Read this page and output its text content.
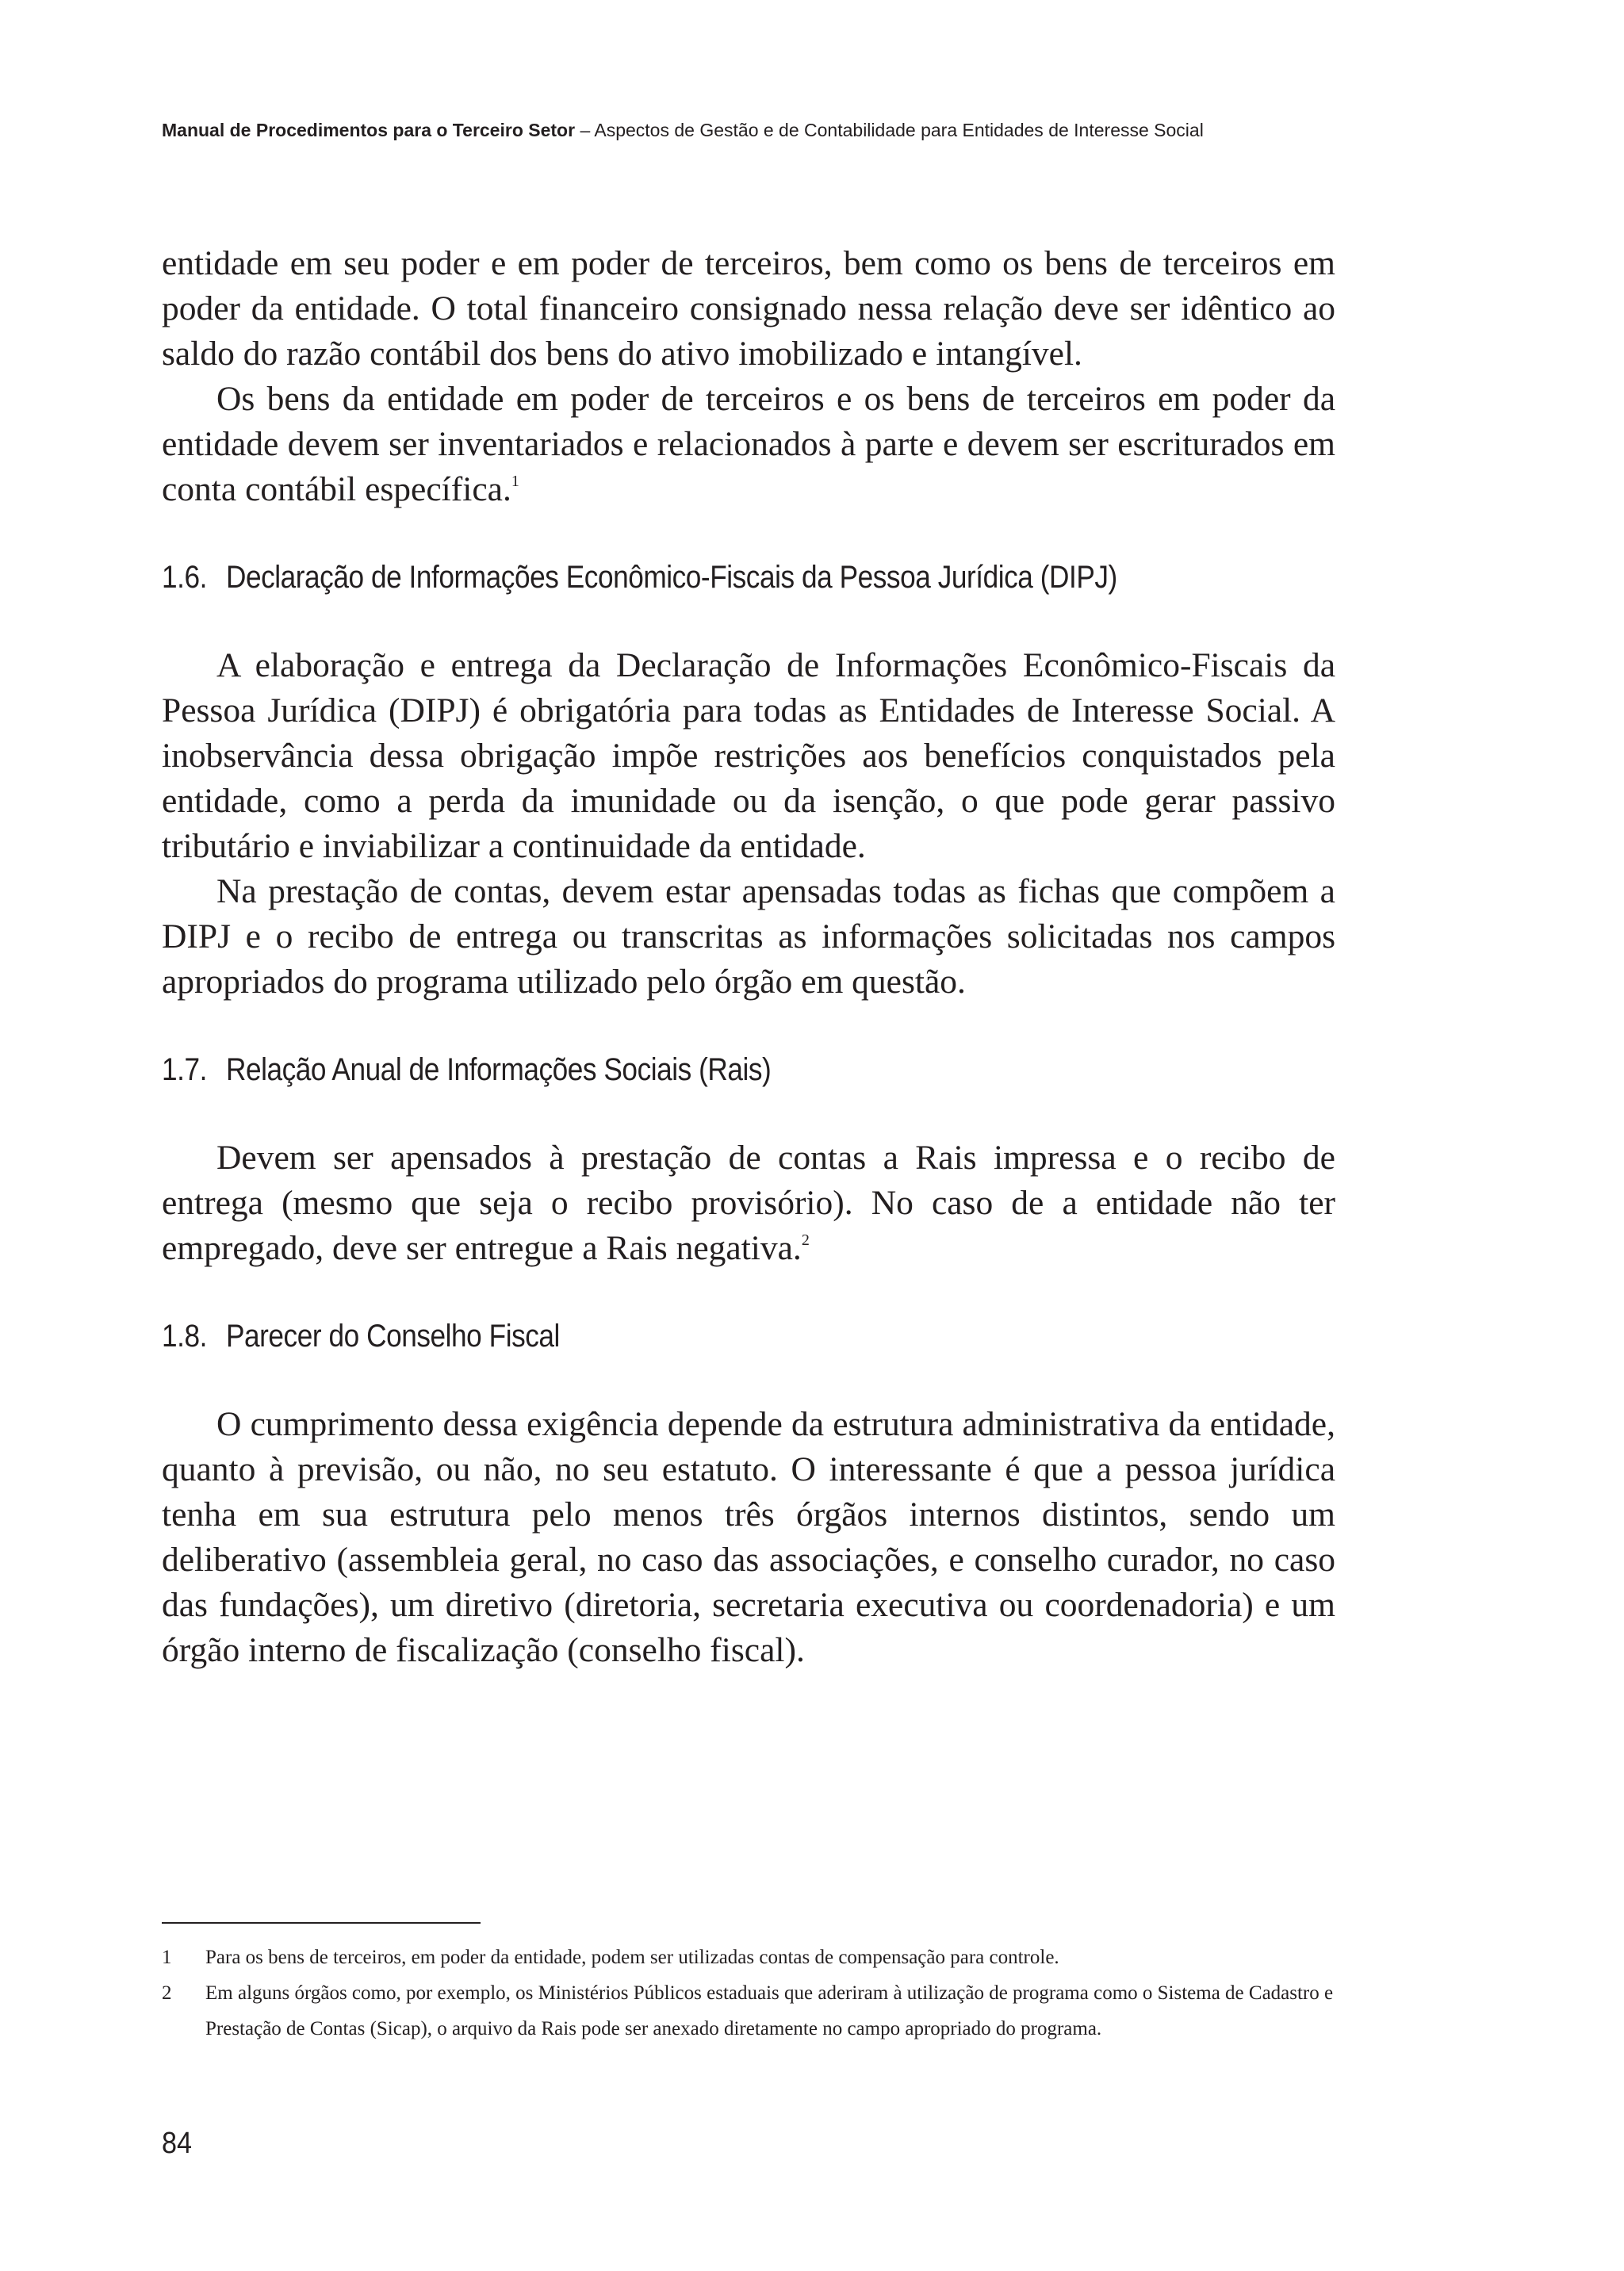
Manual de Procedimentos para o Terceiro Setor – Aspectos de Gestão e de Contabilidade para Entidades de Interesse Social

entidade em seu poder e em poder de terceiros, bem como os bens de terceiros em poder da entidade. O total financeiro consignado nessa relação deve ser idêntico ao saldo do razão contábil dos bens do ativo imobilizado e intangível.

Os bens da entidade em poder de terceiros e os bens de terceiros em poder da entidade devem ser inventariados e relacionados à parte e devem ser escriturados em conta contábil específica.$^1$

1.6. Declaração de Informações Econômico-Fiscais da Pessoa Jurídica (DIPJ)

A elaboração e entrega da Declaração de Informações Econômico-Fiscais da Pessoa Jurídica (DIPJ) é obrigatória para todas as Entidades de Interesse Social. A inobservância dessa obrigação impõe restrições aos benefícios conquistados pela entidade, como a perda da imunidade ou da isenção, o que pode gerar passivo tributário e inviabilizar a continuidade da entidade.

Na prestação de contas, devem estar apensadas todas as fichas que compõem a DIPJ e o recibo de entrega ou transcritas as informações solicitadas nos campos apropriados do programa utilizado pelo órgão em questão.

1.7. Relação Anual de Informações Sociais (Rais)

Devem ser apensados à prestação de contas a Rais impressa e o recibo de entrega (mesmo que seja o recibo provisório). No caso de a entidade não ter empregado, deve ser entregue a Rais negativa.$^2$

1.8. Parecer do Conselho Fiscal

O cumprimento dessa exigência depende da estrutura administrativa da entidade, quanto à previsão, ou não, no seu estatuto. O interessante é que a pessoa jurídica tenha em sua estrutura pelo menos três órgãos internos distintos, sendo um deliberativo (assembleia geral, no caso das associações, e conselho curador, no caso das fundações), um diretivo (diretoria, secretaria executiva ou coordenadoria) e um órgão interno de fiscalização (conselho fiscal).

1 Para os bens de terceiros, em poder da entidade, podem ser utilizadas contas de compensação para controle.

2 Em alguns órgãos como, por exemplo, os Ministérios Públicos estaduais que aderiram à utilização de programa como o Sistema de Cadastro e Prestação de Contas (Sicap), o arquivo da Rais pode ser anexado diretamente no campo apropriado do programa.

84
